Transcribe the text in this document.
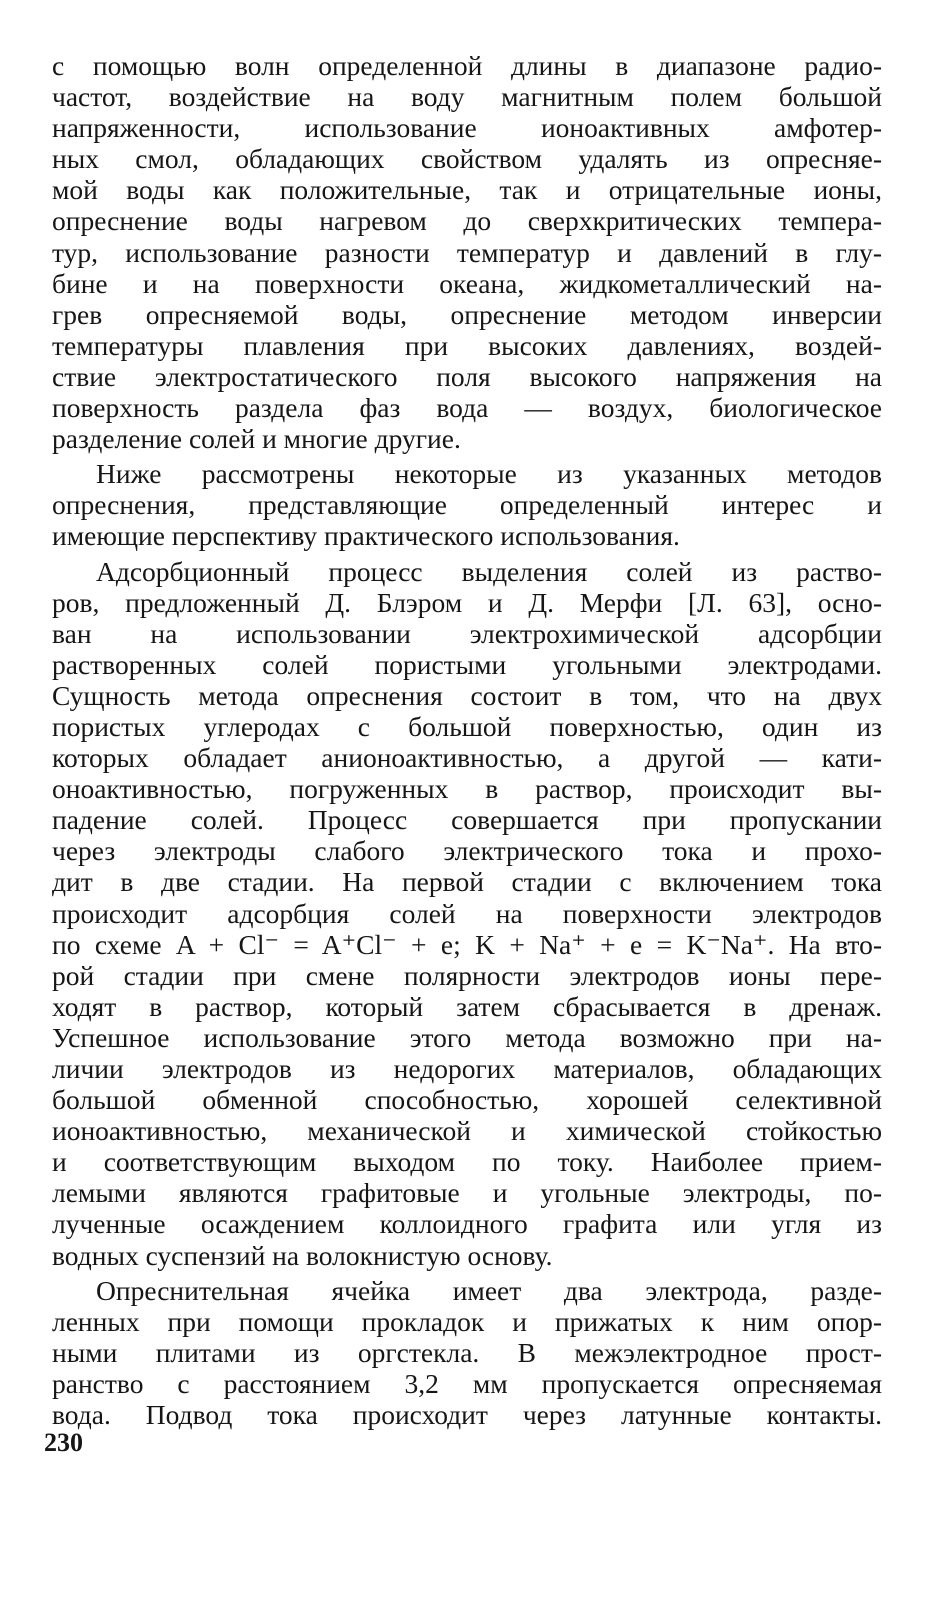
с помощью волн определенной длины в диапазоне радио-
частот, воздействие на воду магнитным полем большой
напряженности, использование ионоактивных амфотер-
ных смол, обладающих свойством удалять из опресняе-
мой воды как положительные, так и отрицательные ионы,
опреснение воды нагревом до сверхкритических темпера-
тур, использование разности температур и давлений в глу-
бине и на поверхности океана, жидкометаллический на-
грев опресняемой воды, опреснение методом инверсии
температуры плавления при высоких давлениях, воздей-
ствие электростатического поля высокого напряжения на
поверхность раздела фаз вода — воздух, биологическое
разделение солей и многие другие.
Ниже рассмотрены некоторые из указанных методов
опреснения, представляющие определенный интерес и
имеющие перспективу практического использования.
Адсорбционный процесс выделения солей из раство-
ров, предложенный Д. Блэром и Д. Мерфи [Л. 63], осно-
ван на использовании электрохимической адсорбции
растворенных солей пористыми угольными электродами.
Сущность метода опреснения состоит в том, что на двух
пористых углеродах с большой поверхностью, один из
которых обладает анионоактивностью, а другой — кати-
оноактивностью, погруженных в раствор, происходит вы-
падение солей. Процесс совершается при пропускании
через электроды слабого электрического тока и прохо-
дит в две стадии. На первой стадии с включением тока
происходит адсорбция солей на поверхности электродов
по схеме A + Cl⁻ = A⁺Cl⁻ + e; K + Na⁺ + e = K⁻Na⁺. На вто-
рой стадии при смене полярности электродов ионы пере-
ходят в раствор, который затем сбрасывается в дренаж.
Успешное использование этого метода возможно при на-
личии электродов из недорогих материалов, обладающих
большой обменной способностью, хорошей селективной
ионоактивностью, механической и химической стойкостью
и соответствующим выходом по току. Наиболее прием-
лемыми являются графитовые и угольные электроды, по-
лученные осаждением коллоидного графита или угля из
водных суспензий на волокнистую основу.
Опреснительная ячейка имеет два электрода, разде-
ленных при помощи прокладок и прижатых к ним опор-
ными плитами из оргстекла. В межэлектродное прост-
ранство с расстоянием 3,2 мм пропускается опресняемая
вода. Подвод тока происходит через латунные контакты.
230
